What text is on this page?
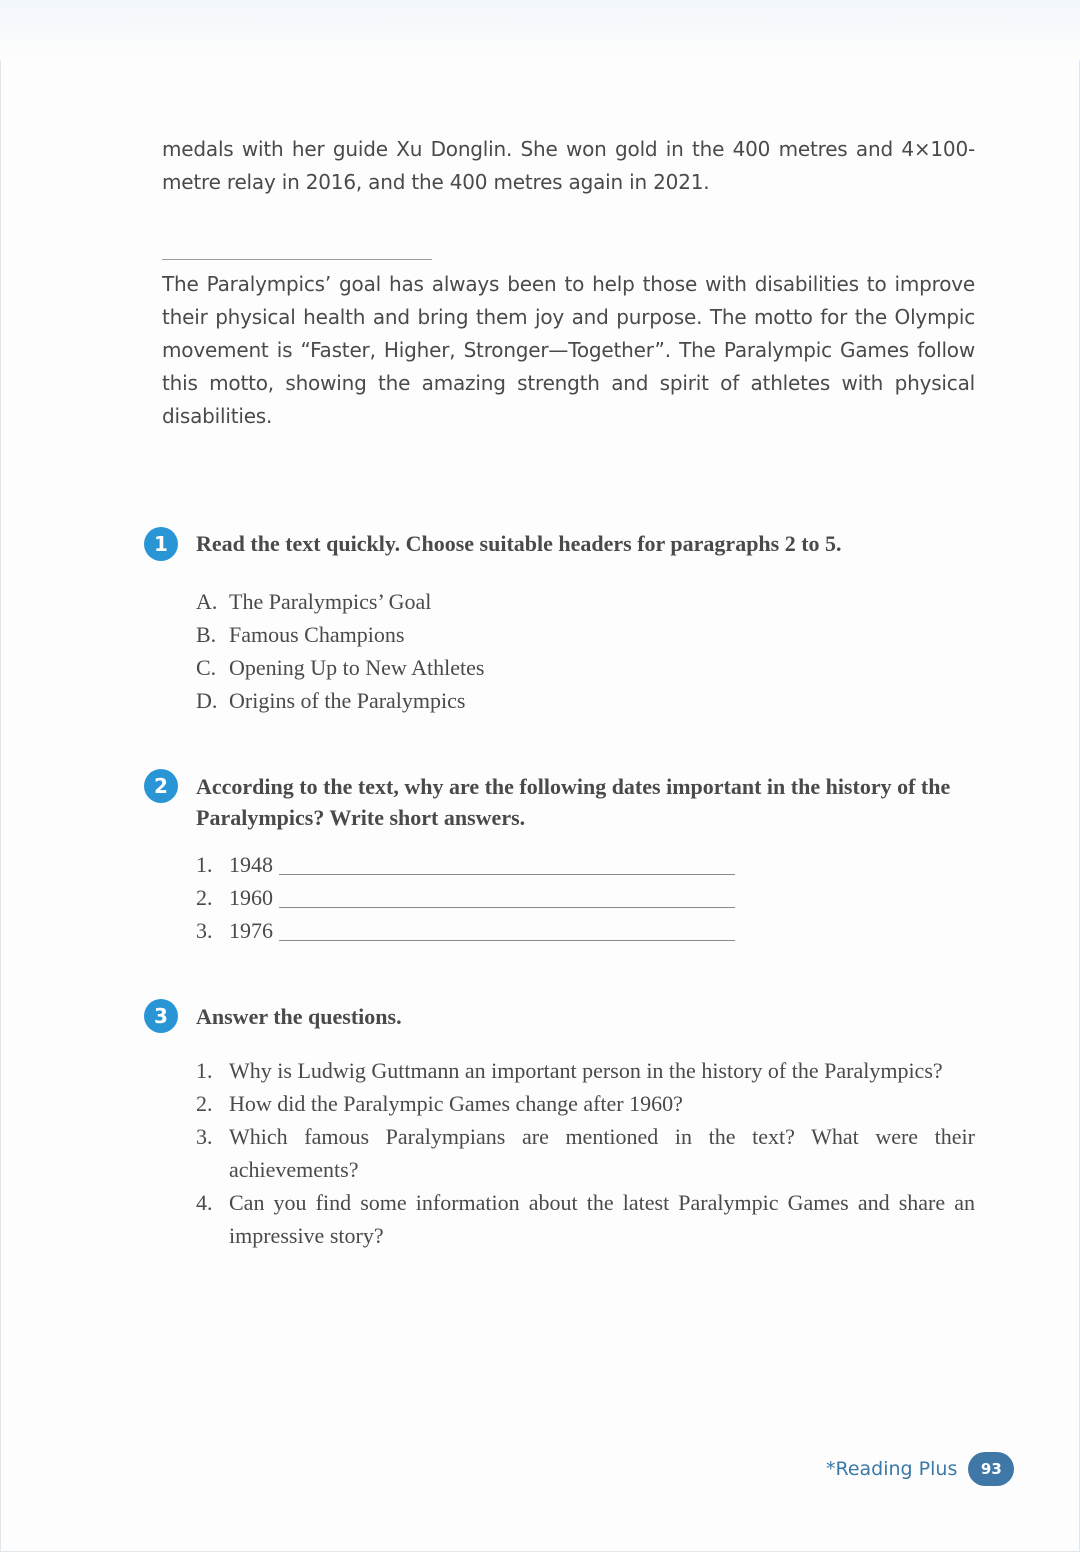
medals with her guide Xu Donglin. She won gold in the 400 metres and 4×100-metre relay in 2016, and the 400 metres again in 2021.

The Paralympics’ goal has always been to help those with disabilities to improve their physical health and bring them joy and purpose. The motto for the Olympic movement is “Faster, Higher, Stronger—Together”. The Paralympic Games follow this motto, showing the amazing strength and spirit of athletes with physical disabilities.

1	Read the text quickly. Choose suitable headers for paragraphs 2 to 5.

A. The Paralympics’ Goal
B. Famous Champions
C. Opening Up to New Athletes
D. Origins of the Paralympics
2	According to the text, why are the following dates important in the history of the Paralympics? Write short answers.

1. 1948
2. 1960
3. 1976
3	Answer the questions.

1. Why is Ludwig Guttmann an important person in the history of the Paralympics?
2. How did the Paralympic Games change after 1960?
3. Which famous Paralympians are mentioned in the text? What were their achievements?
4. Can you find some information about the latest Paralympic Games and share an impressive story?
*Reading Plus	93
